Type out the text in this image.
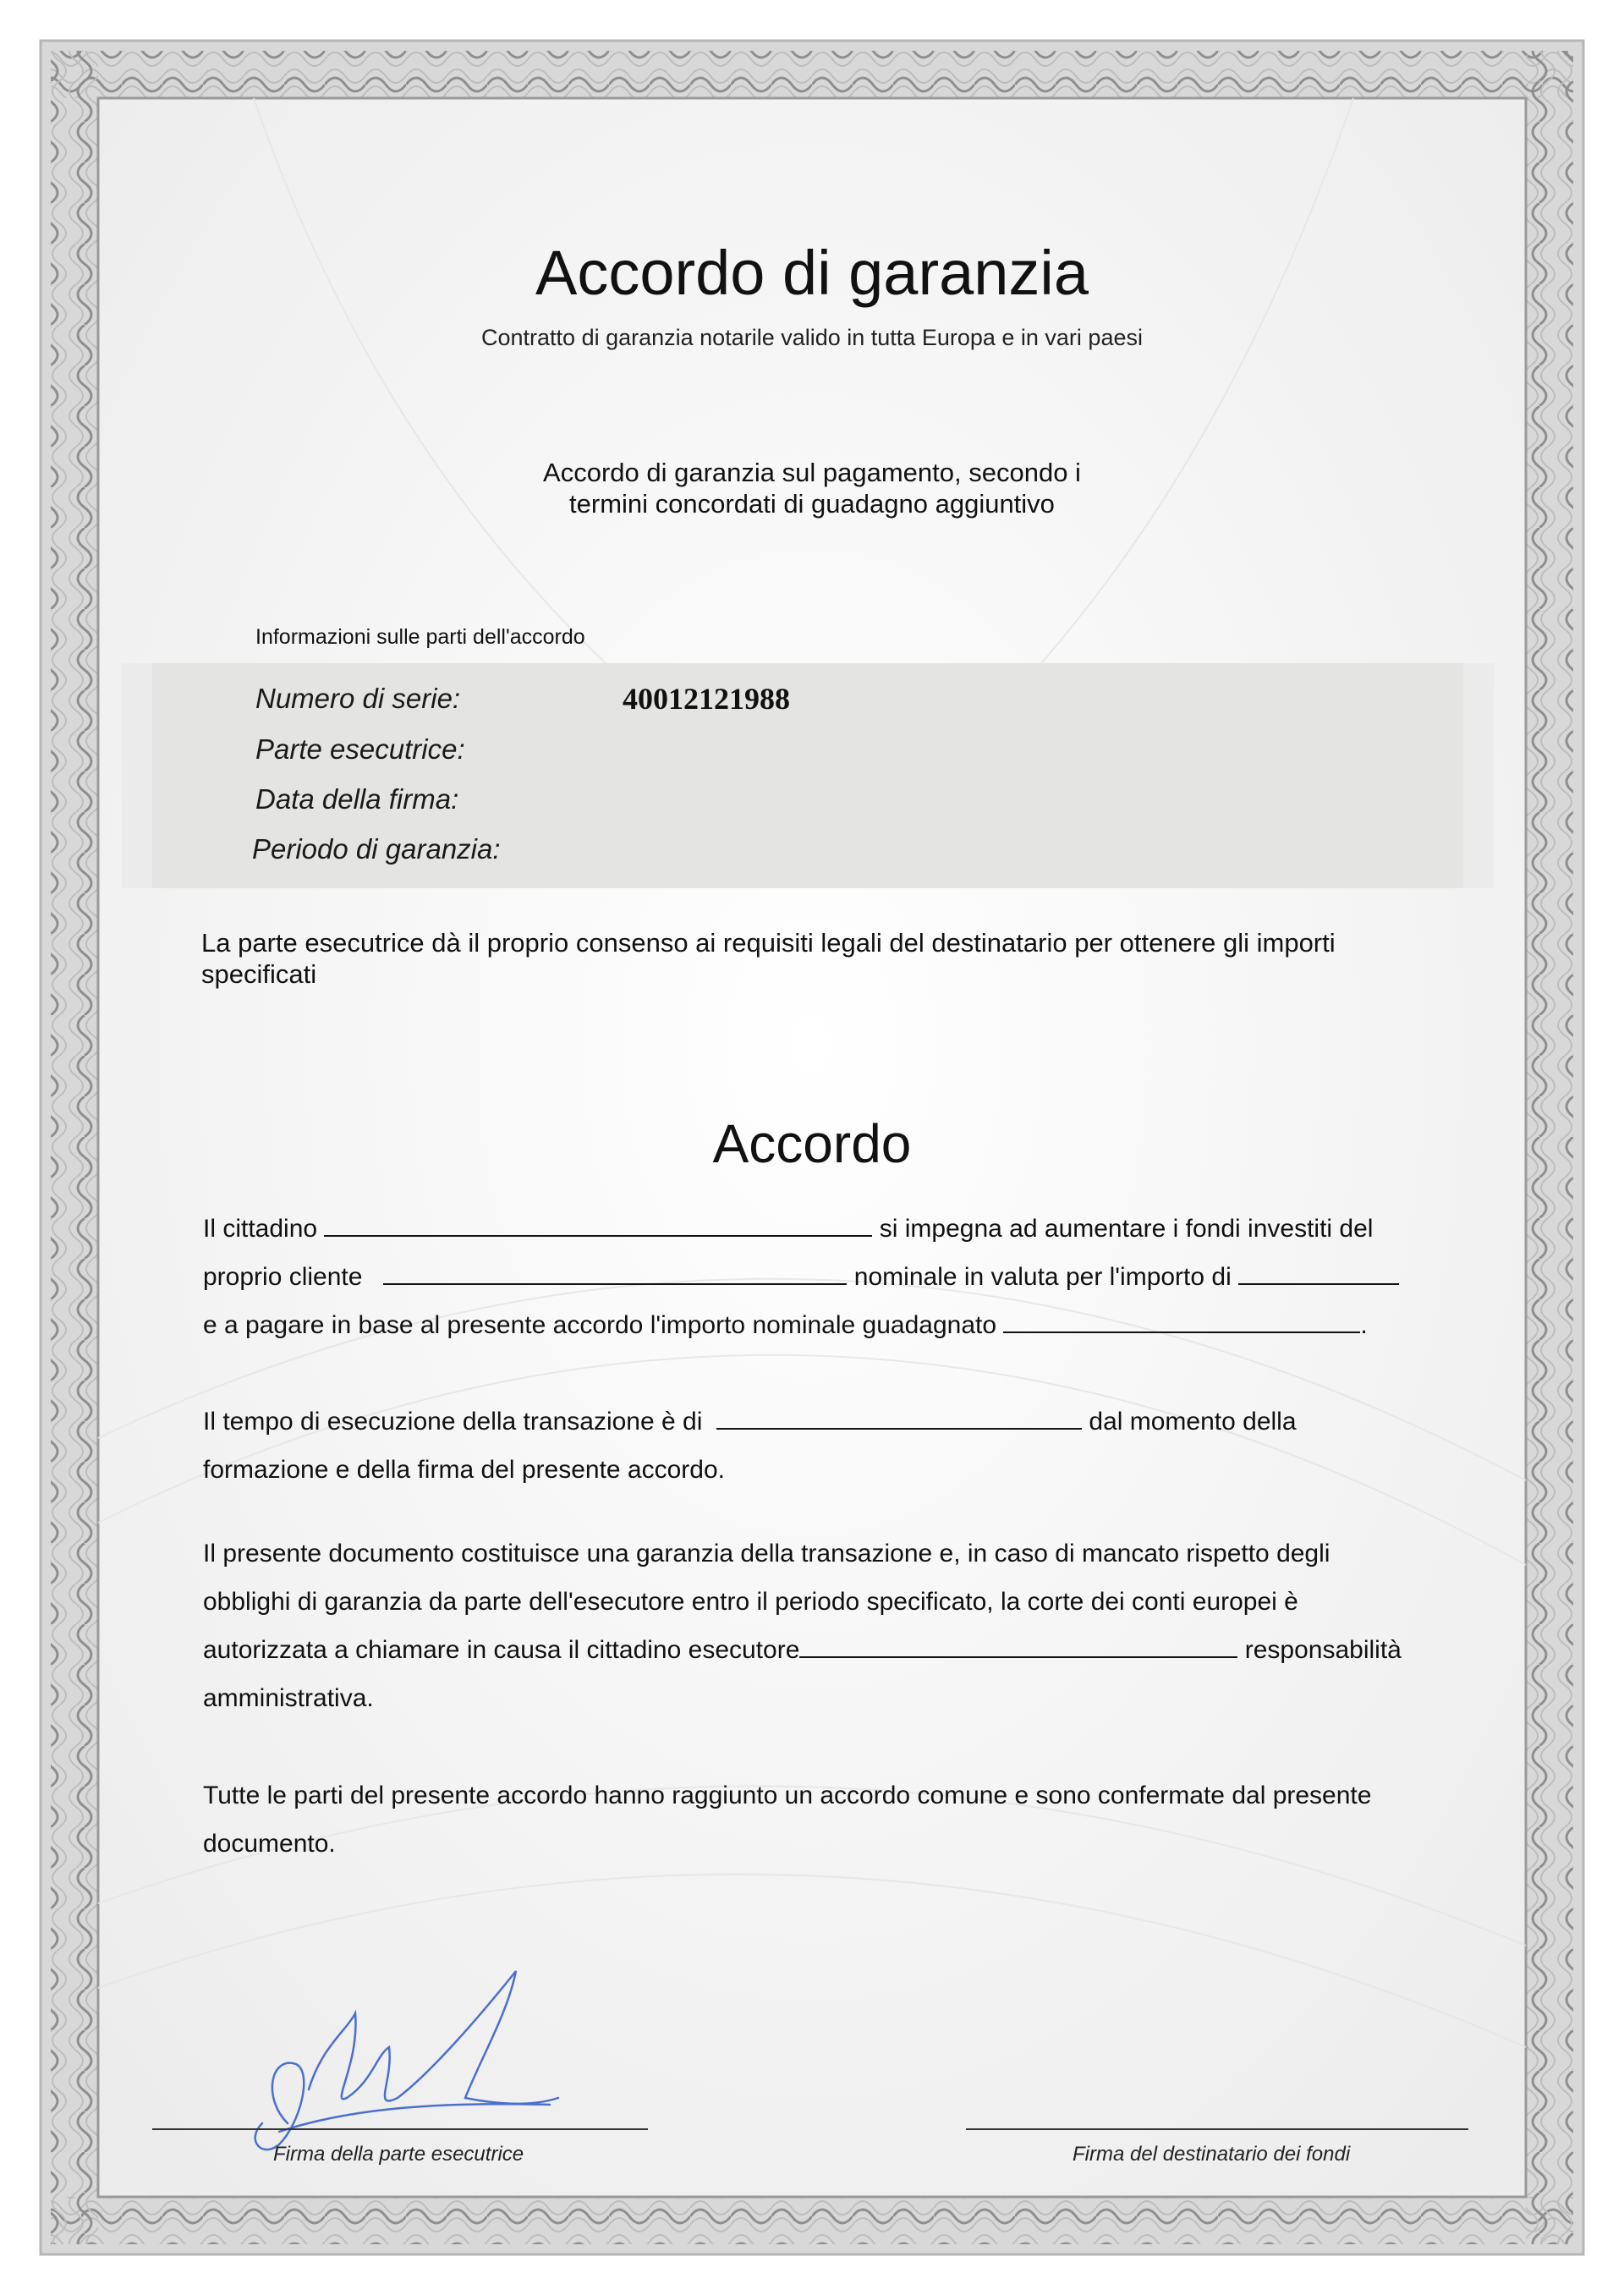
Accordo di garanzia

Contratto di garanzia notarile valido in tutta Europa e in vari paesi

Accordo di garanzia sul pagamento, secondo i
termini concordati di guadagno aggiuntivo

Informazioni sulle parti dell'accordo

Numero di serie:	40012121988

Parte esecutrice:

Data della firma:

Periodo di garanzia:

La parte esecutrice dà il proprio consenso ai requisiti legali del destinatario per ottenere gli importi specificati

Accordo
Il cittadino	si impegna ad aumentare i fondi investiti del
proprio cliente	nominale in valuta per l'importo di
e a pagare in base al presente accordo l'importo nominale guadagnato	.
Il tempo di esecuzione della transazione è di	dal momento della
formazione e della firma del presente accordo.
Il presente documento costituisce una garanzia della transazione e, in caso di mancato rispetto degli
obblighi di garanzia da parte dell'esecutore entro il periodo specificato, la corte dei conti europei è
autorizzata a chiamare in causa il cittadino esecutore	responsabilità
amministrativa.
Tutte le parti del presente accordo hanno raggiunto un accordo comune e sono confermate dal presente
documento.

Firma della parte esecutrice	Firma del destinatario dei fondi
